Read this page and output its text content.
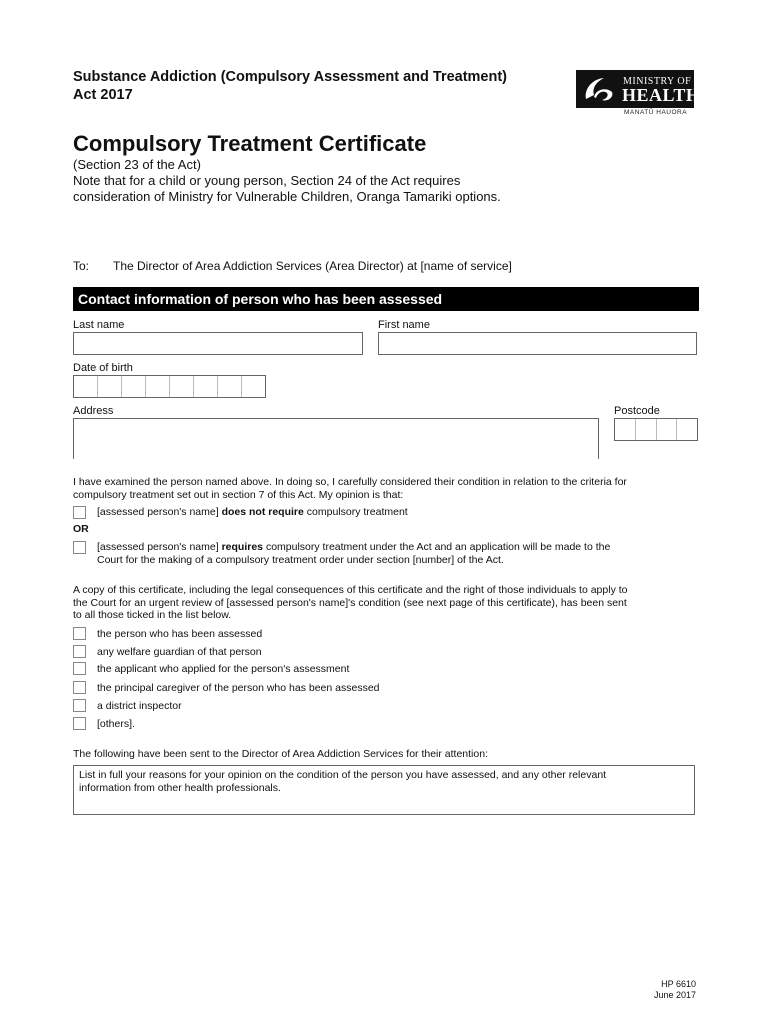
Substance Addiction (Compulsory Assessment and Treatment)
Act 2017
MINISTRY OF
HEALTH
MANATŪ HAUORA
Compulsory Treatment Certificate
(Section 23 of the Act)
Note that for a child or young person, Section 24 of the Act requires
consideration of Ministry for Vulnerable Children, Oranga Tamariki options.
To: The Director of Area Addiction Services (Area Director) at [name of service]
Contact information of person who has been assessed
Last name	First name
Date of birth
Address	Postcode
I have examined the person named above. In doing so, I carefully considered their condition in relation to the criteria for
compulsory treatment set out in section 7 of this Act. My opinion is that:
[assessed person's name] does not require compulsory treatment
OR
[assessed person's name] requires compulsory treatment under the Act and an application will be made to the
Court for the making of a compulsory treatment order under section [number] of the Act.
A copy of this certificate, including the legal consequences of this certificate and the right of those individuals to apply to
the Court for an urgent review of [assessed person's name]'s condition (see next page of this certificate), has been sent
to all those ticked in the list below.
the person who has been assessed
any welfare guardian of that person
the applicant who applied for the person's assessment
the principal caregiver of the person who has been assessed
a district inspector
[others].
The following have been sent to the Director of Area Addiction Services for their attention:
List in full your reasons for your opinion on the condition of the person you have assessed, and any other relevant
information from other health professionals.
HP 6610
June 2017
